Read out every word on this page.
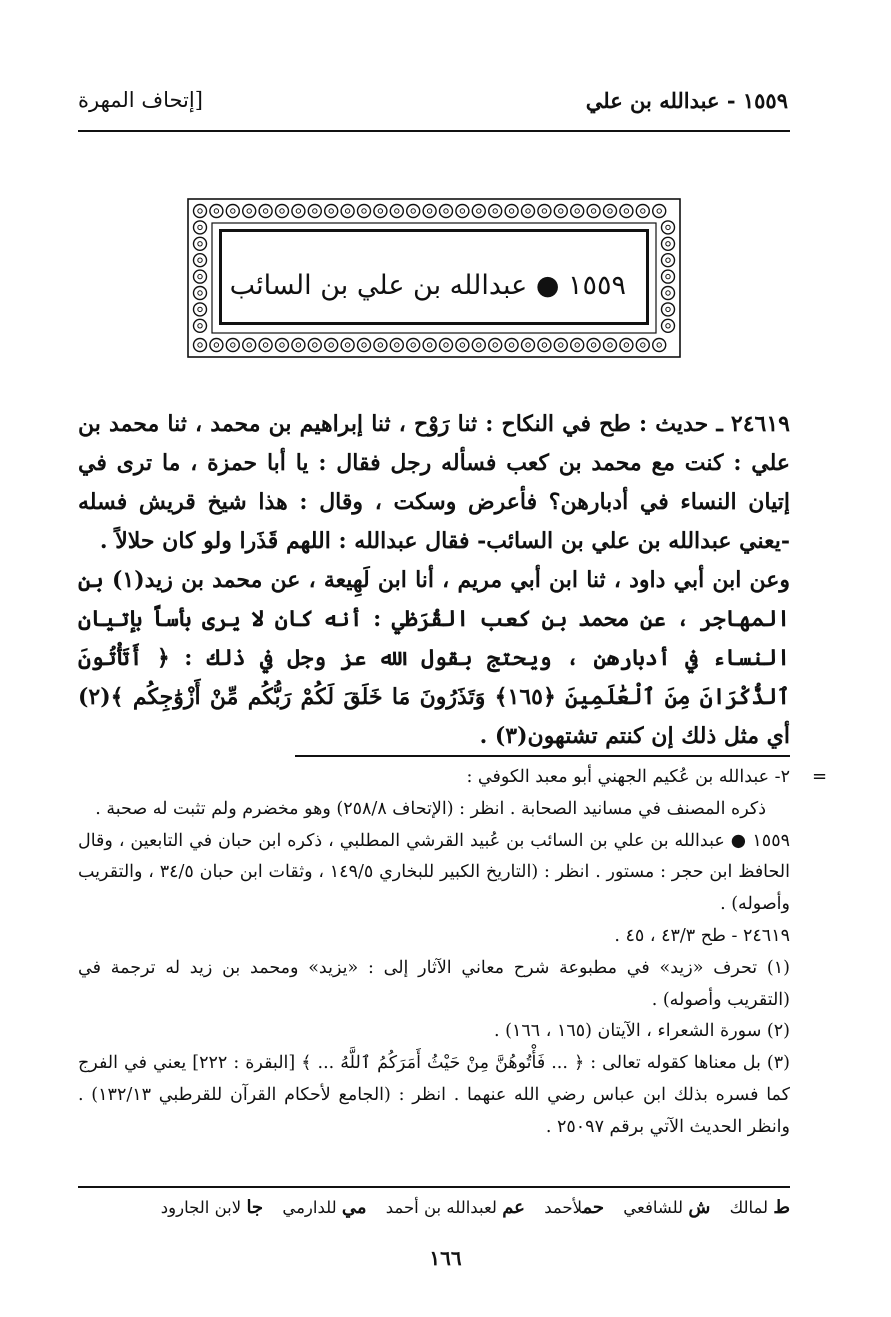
١٥٥٩ - عبدالله بن علي
[إتحاف المهرة
١٥٥٩ ● عبدالله بن علي بن السائب

٢٤٦١٩ ـ حديث : طح في النكاح : ثنا رَوْح ، ثنا إبراهيم بن محمد ، ثنا محمد بن علي : كنت مع محمد بن كعب فسأله رجل فقال : يا أبا حمزة ، ما ترى في إتيان النساء في أدبارهن؟ فأعرض وسكت ، وقال : هذا شيخ قريش فسله -يعني عبدالله بن علي بن السائب- فقال عبدالله : اللهم قَذَرا ولو كان حلالاً .

وعن ابن أبي داود ، ثنا ابن أبي مريم ، أنا ابن لَهِيعة ، عن محمد بن زيد(١) بن المهاجر ، عن محمد بن كعب القُرَظي : أنه كان لا يرى بأساً بإتيان النساء في أدبارهن ، ويحتج بقول الله عز وجل في ذلك : ﴿ أَتَأْتُونَ ٱلذُّكْرَانَ مِنَ ٱلْعَٰلَمِينَ ﴿١٦٥﴾ وَتَذَرُونَ مَا خَلَقَ لَكُمْ رَبُّكُم مِّنْ أَزْوَٰجِكُم ﴾(٢) أي مثل ذلك إن كنتم تشتهون(٣) .

=

٢- عبدالله بن عُكيم الجهني أبو معبد الكوفي :

ذكره المصنف في مسانيد الصحابة . انظر : (الإتحاف ٢٥٨/٨) وهو مخضرم ولم تثبت له صحبة .

١٥٥٩ ● عبدالله بن علي بن السائب بن عُبيد القرشي المطلبي ، ذكره ابن حبان في التابعين ، وقال الحافظ ابن حجر : مستور . انظر : (التاريخ الكبير للبخاري ١٤٩/٥ ، وثقات ابن حبان ٣٤/٥ ، والتقريب وأصوله) .

٢٤٦١٩ - طح ٤٣/٣ ، ٤٥ .

(١) تحرف «زيد» في مطبوعة شرح معاني الآثار إلى : «يزيد» ومحمد بن زيد له ترجمة في (التقريب وأصوله) .

(٢) سورة الشعراء ، الآيتان (١٦٥ ، ١٦٦) .

(٣) بل معناها كقوله تعالى : ﴿ ... فَأْتُوهُنَّ مِنْ حَيْثُ أَمَرَكُمُ ٱللَّهُ ... ﴾ [البقرة : ٢٢٢] يعني في الفرج كما فسره بذلك ابن عباس رضي الله عنهما . انظر : (الجامع لأحكام القرآن للقرطبي ١٣٢/١٣) . وانظر الحديث الآتي برقم ٢٥٠٩٧ .

ط لمالك ش للشافعي حملأحمد عم لعبدالله بن أحمد مي للدارمي جا لابن الجارود
١٦٦
